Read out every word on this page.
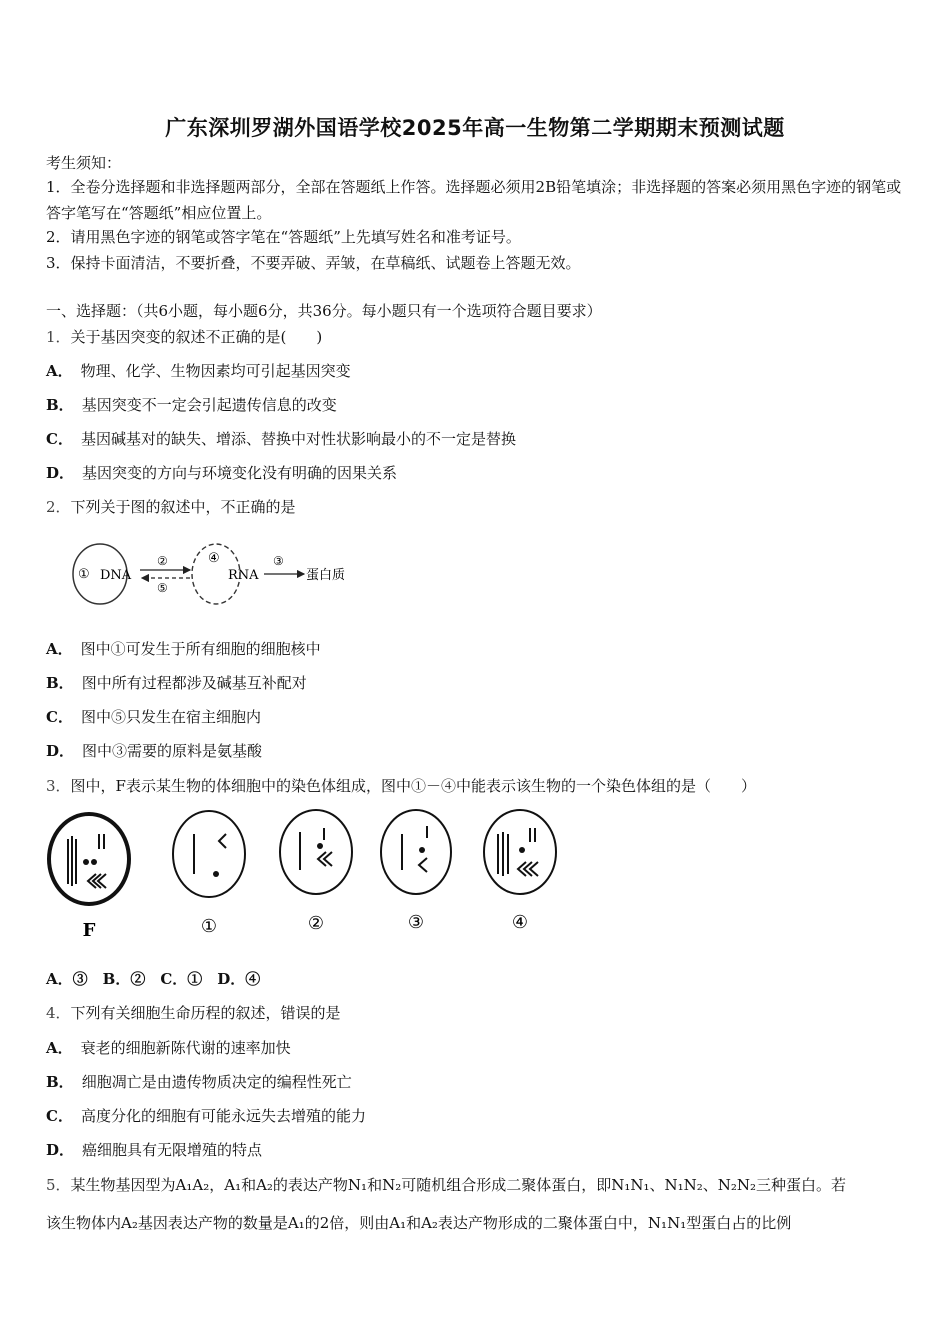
广东深圳罗湖外国语学校2025年高一生物第二学期期末预测试题
考生须知：
1．全卷分选择题和非选择题两部分，全部在答题纸上作答。选择题必须用2B铅笔填涂；非选择题的答案必须用黑色字迹的钢笔或答字笔写在“答题纸”相应位置上。
2．请用黑色字迹的钢笔或答字笔在“答题纸”上先填写姓名和准考证号。
3．保持卡面清洁，不要折叠，不要弄破、弄皱，在草稿纸、试题卷上答题无效。
一、选择题：（共6小题，每小题6分，共36分。每小题只有一个选项符合题目要求）
1．关于基因突变的叙述不正确的是(　　)
A． 物理、化学、生物因素均可引起基因突变
B． 基因突变不一定会引起遗传信息的改变
C． 基因碱基对的缺失、增添、替换中对性状影响最小的不一定是替换
D． 基因突变的方向与环境变化没有明确的因果关系
2．下列关于图的叙述中，不正确的是
① DNA
②
⑤
④
RNA
③
蛋白质
A． 图中①可发生于所有细胞的细胞核中
B． 图中所有过程都涉及碱基互补配对
C． 图中⑤只发生在宿主细胞内
D． 图中③需要的原料是氨基酸
3．图中，F表示某生物的体细胞中的染色体组成，图中①－④中能表示该生物的一个染色体组的是（　　）
F	①	②	③	④
A．③　B．②　C．①　D．④
4．下列有关细胞生命历程的叙述，错误的是
A． 衰老的细胞新陈代谢的速率加快
B． 细胞凋亡是由遗传物质决定的编程性死亡
C． 高度分化的细胞有可能永远失去增殖的能力
D． 癌细胞具有无限增殖的特点
5．某生物基因型为A₁A₂，A₁和A₂的表达产物N₁和N₂可随机组合形成二聚体蛋白，即N₁N₁、N₁N₂、N₂N₂三种蛋白。若
该生物体内A₂基因表达产物的数量是A₁的2倍，则由A₁和A₂表达产物形成的二聚体蛋白中，N₁N₁型蛋白占的比例
